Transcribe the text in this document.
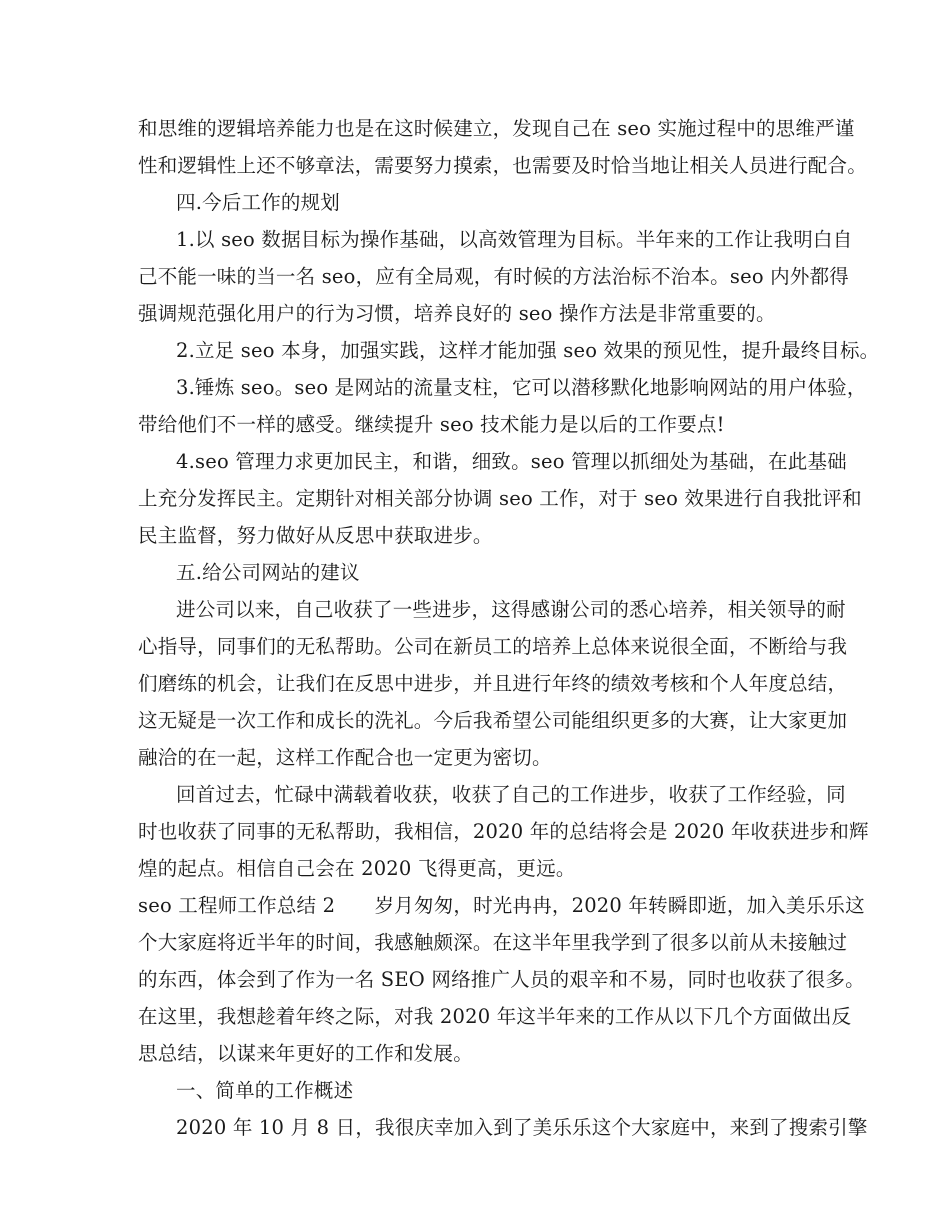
和思维的逻辑培养能力也是在这时候建立，发现自己在 seo 实施过程中的思维严谨
性和逻辑性上还不够章法，需要努力摸索，也需要及时恰当地让相关人员进行配合。
四.今后工作的规划
1.以 seo 数据目标为操作基础，以高效管理为目标。半年来的工作让我明白自
己不能一味的当一名 seo，应有全局观，有时候的方法治标不治本。seo 内外都得
强调规范强化用户的行为习惯，培养良好的 seo 操作方法是非常重要的。
2.立足 seo 本身，加强实践，这样才能加强 seo 效果的预见性，提升最终目标。
3.锤炼 seo。seo 是网站的流量支柱，它可以潜移默化地影响网站的用户体验，
带给他们不一样的感受。继续提升 seo 技术能力是以后的工作要点!
4.seo 管理力求更加民主，和谐，细致。seo 管理以抓细处为基础，在此基础
上充分发挥民主。定期针对相关部分协调 seo 工作，对于 seo 效果进行自我批评和
民主监督，努力做好从反思中获取进步。
五.给公司网站的建议
进公司以来，自己收获了一些进步，这得感谢公司的悉心培养，相关领导的耐
心指导，同事们的无私帮助。公司在新员工的培养上总体来说很全面，不断给与我
们磨练的机会，让我们在反思中进步，并且进行年终的绩效考核和个人年度总结，
这无疑是一次工作和成长的洗礼。今后我希望公司能组织更多的大赛，让大家更加
融洽的在一起，这样工作配合也一定更为密切。
回首过去，忙碌中满载着收获，收获了自己的工作进步，收获了工作经验，同
时也收获了同事的无私帮助，我相信，2020 年的总结将会是 2020 年收获进步和辉
煌的起点。相信自己会在 2020 飞得更高，更远。
seo 工程师工作总结 2　　岁月匆匆，时光冉冉，2020 年转瞬即逝，加入美乐乐这
个大家庭将近半年的时间，我感触颇深。在这半年里我学到了很多以前从未接触过
的东西，体会到了作为一名 SEO 网络推广人员的艰辛和不易，同时也收获了很多。
在这里，我想趁着年终之际，对我 2020 年这半年来的工作从以下几个方面做出反
思总结，以谋来年更好的工作和发展。
一、简单的工作概述
2020 年 10 月 8 日，我很庆幸加入到了美乐乐这个大家庭中，来到了搜索引擎
